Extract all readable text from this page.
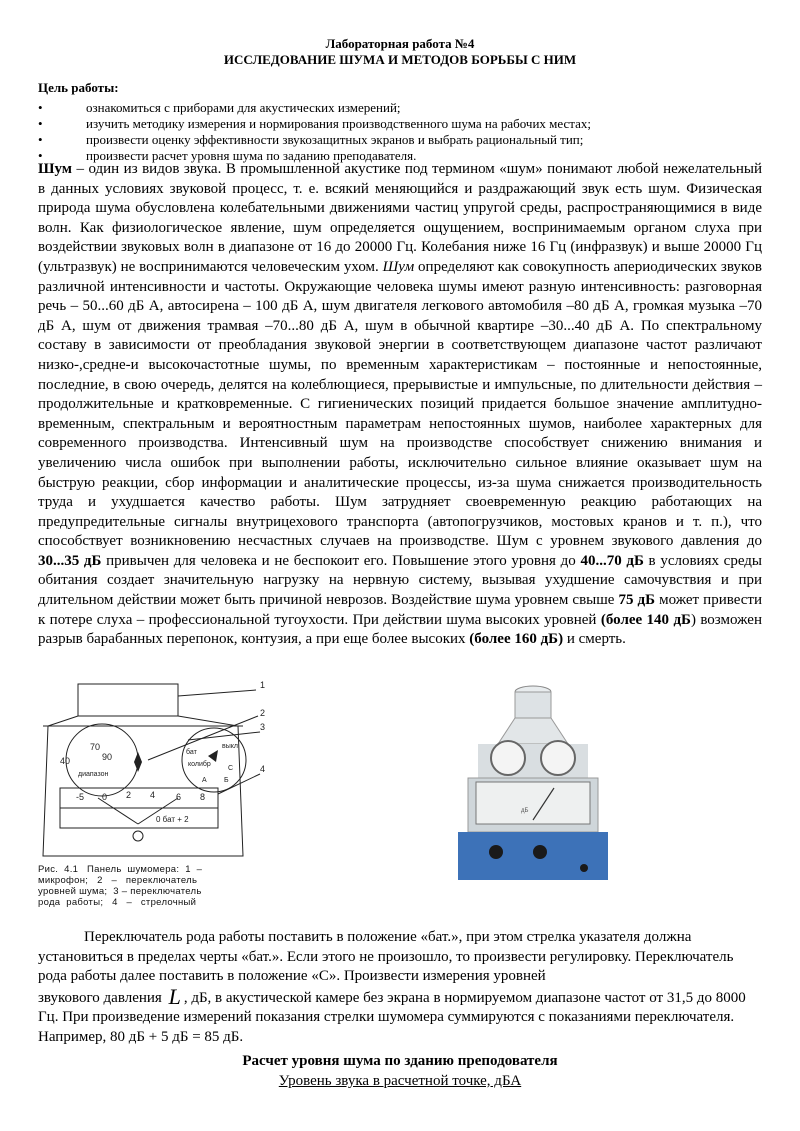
Лабораторная работа №4
ИССЛЕДОВАНИЕ ШУМА И МЕТОДОВ БОРЬБЫ С НИМ
Цель работы:
•	ознакомиться с приборами для акустических измерений;
•	изучить методику измерения и нормирования производственного шума на рабочих местах;
•	произвести оценку эффективности звукозащитных экранов и выбрать рациональный тип;
•	произвести расчет уровня шума по заданию преподавателя.

Шум – один из видов звука. В промышленной акустике под термином «шум» понимают любой нежелательный в данных условиях звуковой процесс, т. е. всякий меняющийся и раздражающий звук есть шум. Физическая природа шума обусловлена колебательными движениями частиц упругой среды, распространяющимися в виде волн. Как физиологическое явление, шум определяется ощущением, воспринимаемым органом слуха при воздействии звуковых волн в диапазоне от 16 до 20000 Гц. Колебания ниже 16 Гц (инфразвук) и выше 20000 Гц (ультразвук) не воспринимаются человеческим ухом. Шум определяют как совокупность апериодических звуков различной интенсивности и частоты. Окружающие человека шумы имеют разную интенсивность: разговорная речь – 50...60 дБ А, автосирена – 100 дБ А, шум двигателя легкового автомобиля –80 дБ А, громкая музыка –70 дБ А, шум от движения трамвая –70...80 дБ А, шум в обычной квартире –30...40 дБ А. По спектральному составу в зависимости от преобладания звуковой энергии в соответствующем диапазоне частот различают низко-,средне-и высокочастотные шумы, по временным характеристикам – постоянные и непостоянные, последние, в свою очередь, делятся на колеблющиеся, прерывистые и импульсные, по длительности действия – продолжительные и кратковременные. С гигиенических позиций придается большое значение амплитудно-временным, спектральным и вероятностным параметрам непостоянных шумов, наиболее характерных для современного производства. Интенсивный шум на производстве способствует снижению внимания и увеличению числа ошибок при выполнении работы, исключительно сильное влияние оказывает шум на быструю реакции, сбор информации и аналитические процессы, из-за шума снижается производительность труда и ухудшается качество работы. Шум затрудняет своевременную реакцию работающих на предупредительные сигналы внутрицехового транспорта (автопогрузчиков, мостовых кранов и т. п.), что способствует возникновению несчастных случаев на производстве. Шум с уровнем звукового давления до 30...35 дБ привычен для человека и не беспокоит его. Повышение этого уровня до 40...70 дБ в условиях среды обитания создает значительную нагрузку на нервную систему, вызывая ухудшение самочувствия и при длительном действии может быть причиной неврозов. Воздействие шума уровнем свыше 75 дБ может привести к потере слуха – профессиональной тугоухости. При действии шума высоких уровней (более 140 дБ) возможен разрыв барабанных перепонок, контузия, а при еще более высоких (более 160 дБ) и смерть.

1
2
3
4
70
90
40
диапазон
выкл
бат
колибр
С
А Б
-5 0 2 4 6 8
0 бат + 2
Рис.  4.1   Панель  шумомера:  1  –
микрофон;   2   –   переключатель
уровней шума;  3 – переключатель
рода  работы;   4   –   стрелочный
дБ

Переключатель рода работы поставить в положение «бат.», при этом стрелка указателя должна установиться в пределах черты «бат.». Если этого не произошло, то произвести регулировку. Переключатель рода работы далее поставить в положение «С». Произвести измерения уровней

звукового давления L , дБ, в акустической камере без экрана в нормируемом диапазоне частот от 31,5 до 8000 Гц. При произведение измерений показания стрелки шумомера суммируются с показаниями переключателя. Например, 80 дБ + 5 дБ = 85 дБ.

Расчет уровня шума по зданию преподователя
Уровень звука в расчетной точке, дБА
